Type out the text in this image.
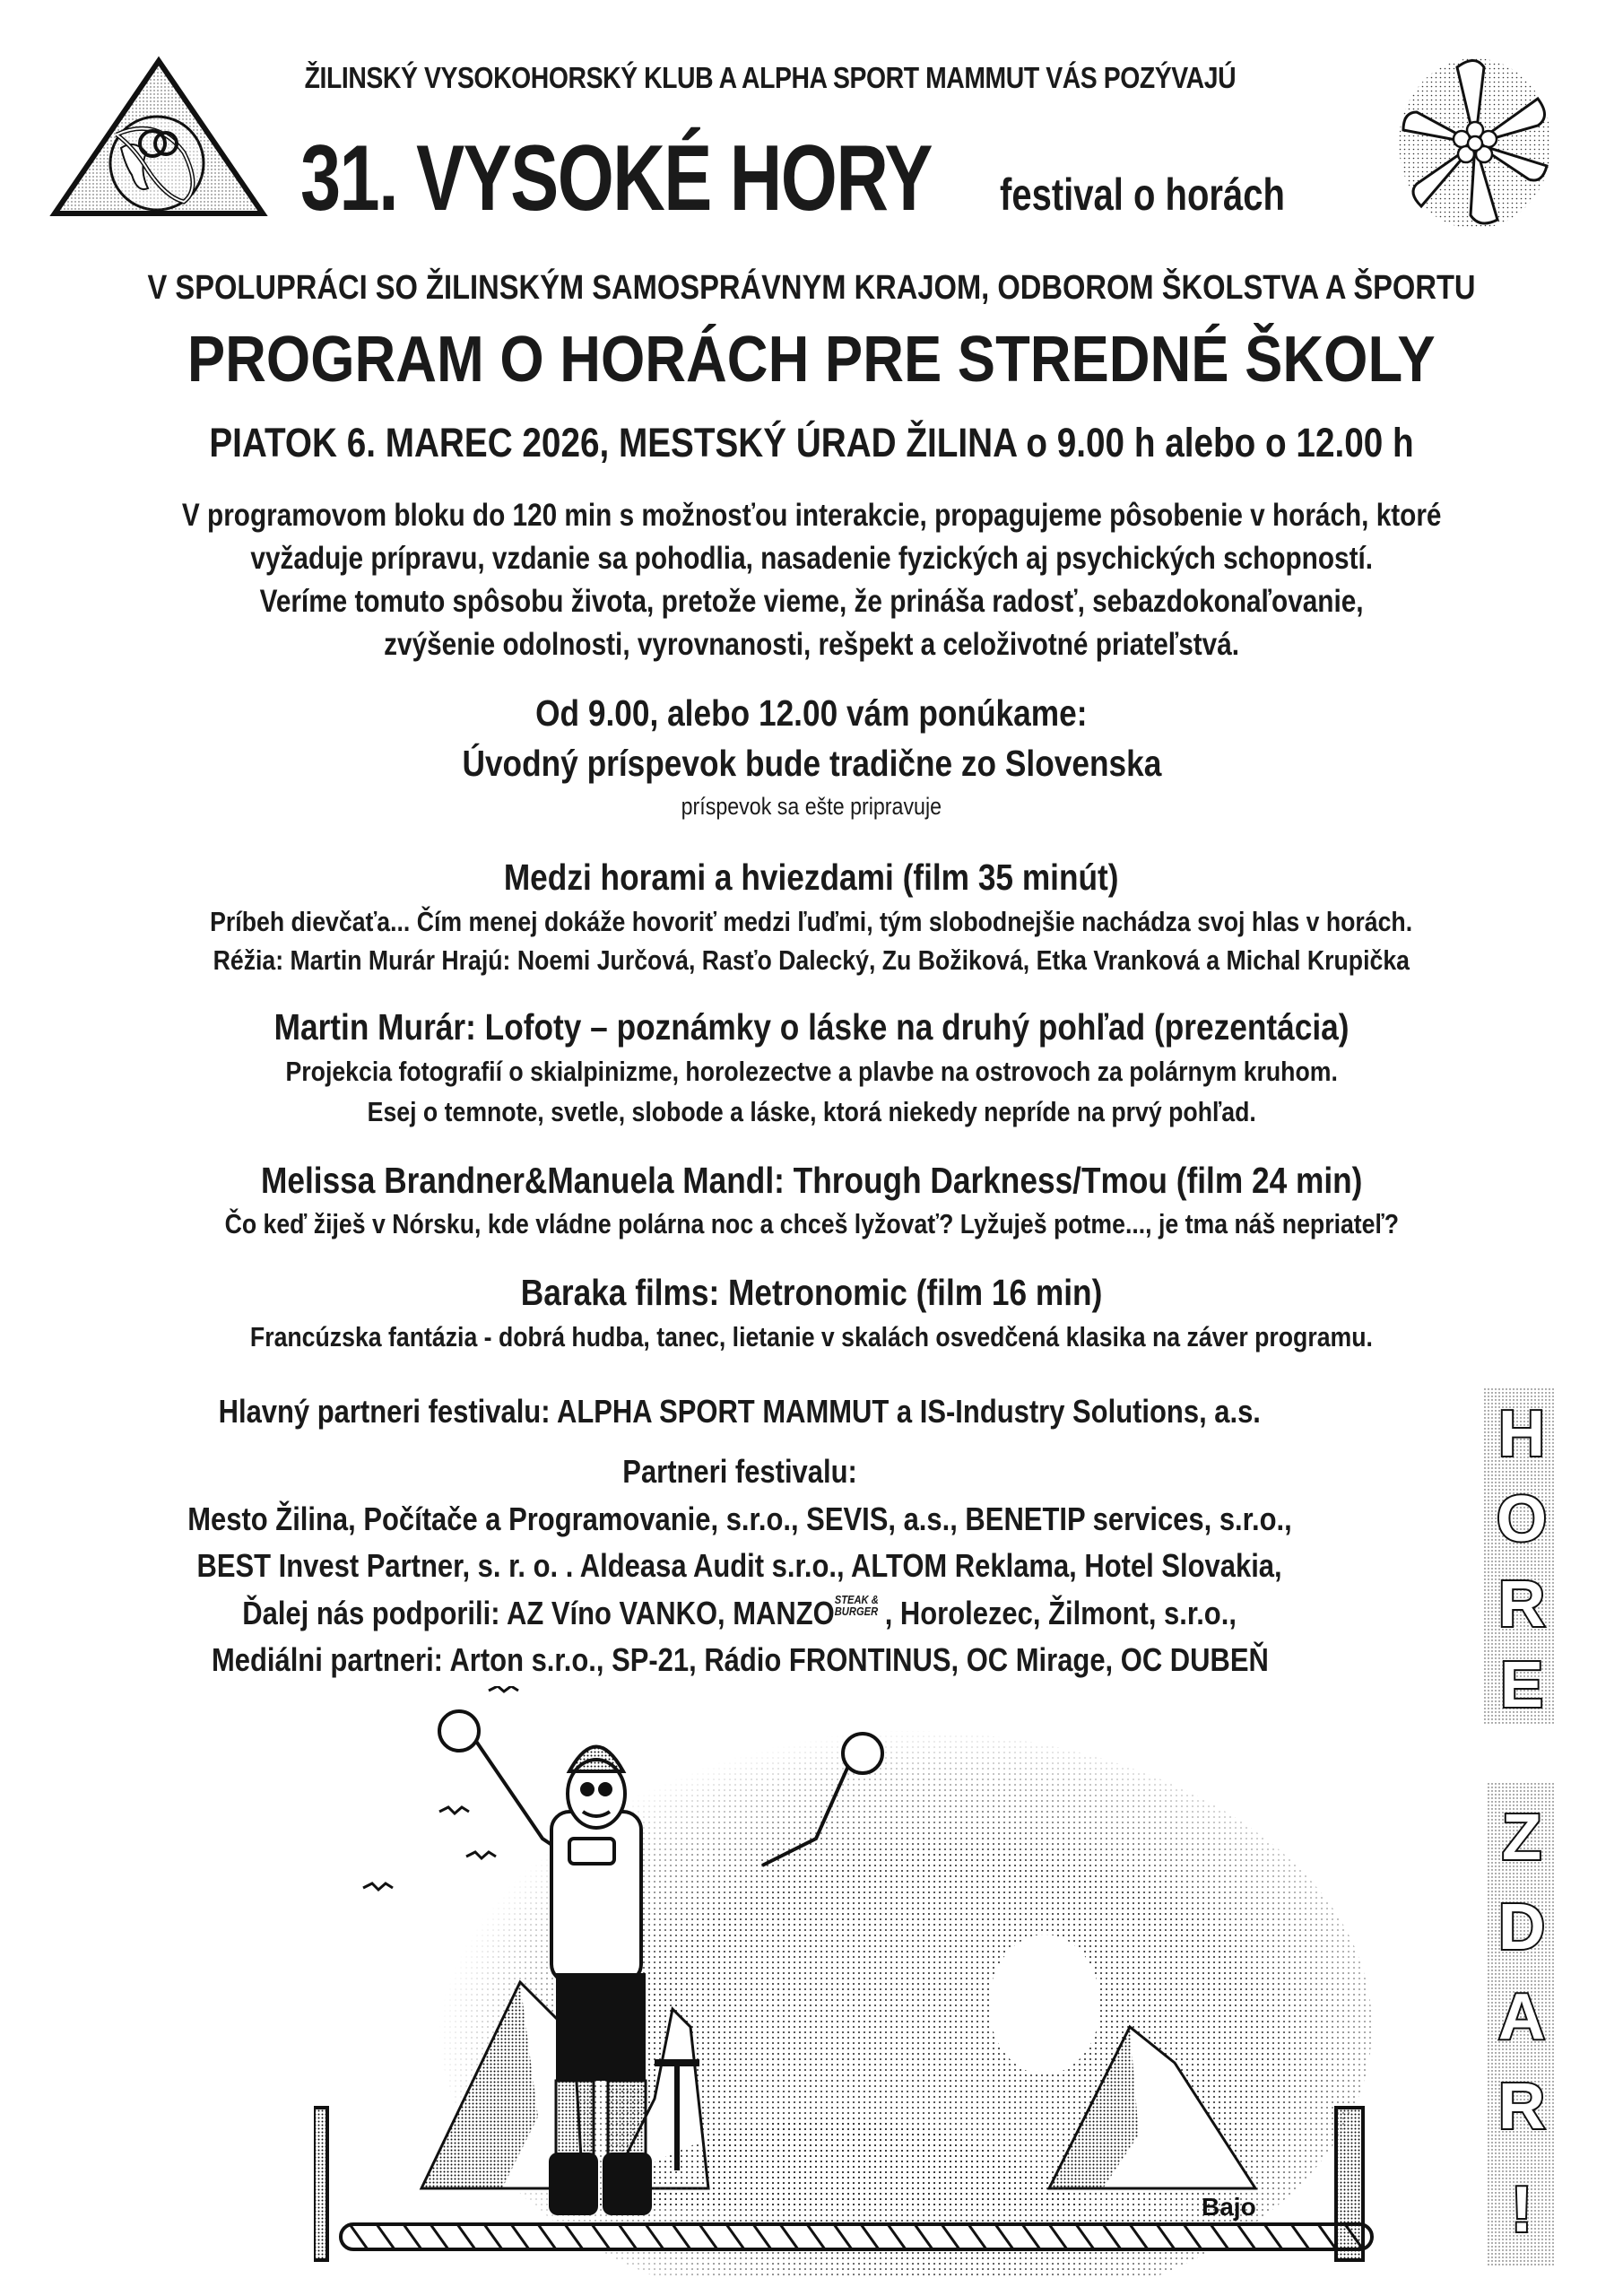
ŽILINSKÝ VYSOKOHORSKÝ KLUB A ALPHA SPORT MAMMUT VÁS POZÝVAJÚ
31. VYSOKÉ HORY festival o horách
V SPOLUPRÁCI SO ŽILINSKÝM SAMOSPRÁVNYM KRAJOM, ODBOROM ŠKOLSTVA A ŠPORTU
PROGRAM O HORÁCH PRE STREDNÉ ŠKOLY
PIATOK 6. MAREC 2026, MESTSKÝ ÚRAD ŽILINA o 9.00 h alebo o 12.00 h
V programovom bloku do 120 min s možnosťou interakcie, propagujeme pôsobenie v horách, ktoré
vyžaduje prípravu, vzdanie sa pohodlia, nasadenie fyzických aj psychických schopností.
Veríme tomuto spôsobu života, pretože vieme, že prináša radosť, sebazdokonaľovanie,
zvýšenie odolnosti, vyrovnanosti, rešpekt a celoživotné priateľstvá.
Od 9.00, alebo 12.00 vám ponúkame:
Úvodný príspevok bude tradične zo Slovenska
príspevok sa ešte pripravuje
Medzi horami a hviezdami (film 35 minút)
Príbeh dievčaťa... Čím menej dokáže hovoriť medzi ľuďmi, tým slobodnejšie nachádza svoj hlas v horách.
Réžia: Martin Murár Hrajú: Noemi Jurčová, Rasťo Dalecký, Zu Božiková, Etka Vranková a Michal Krupička
Martin Murár: Lofoty – poznámky o láske na druhý pohľad (prezentácia)
Projekcia fotografií o skialpinizme, horolezectve a plavbe na ostrovoch za polárnym kruhom.
Esej o temnote, svetle, slobode a láske, ktorá niekedy nepríde na prvý pohľad.
Melissa Brandner&Manuela Mandl: Through Darkness/Tmou (film 24 min)
Čo keď žiješ v Nórsku, kde vládne polárna noc a chceš lyžovať? Lyžuješ potme..., je tma náš nepriateľ?
Baraka films: Metronomic (film 16 min)
Francúzska fantázia - dobrá hudba, tanec, lietanie v skalách osvedčená klasika na záver programu.
Hlavný partneri festivalu: ALPHA SPORT MAMMUT a IS-Industry Solutions, a.s.
Partneri festivalu:
Mesto Žilina, Počítače a Programovanie, s.r.o., SEVIS, a.s., BENETIP services, s.r.o.,
BEST Invest Partner, s. r. o. . Aldeasa Audit s.r.o., ALTOM Reklama, Hotel Slovakia,
Ďalej nás podporili: AZ Víno VANKO, MANZOSTEAK &
BURGER , Horolezec, Žilmont, s.r.o.,
Mediálni partneri: Arton s.r.o., SP-21, Rádio FRONTINUS, OC Mirage, OC DUBEŇ
H
O
R
E
Z
D
A
R
!
Bajo
